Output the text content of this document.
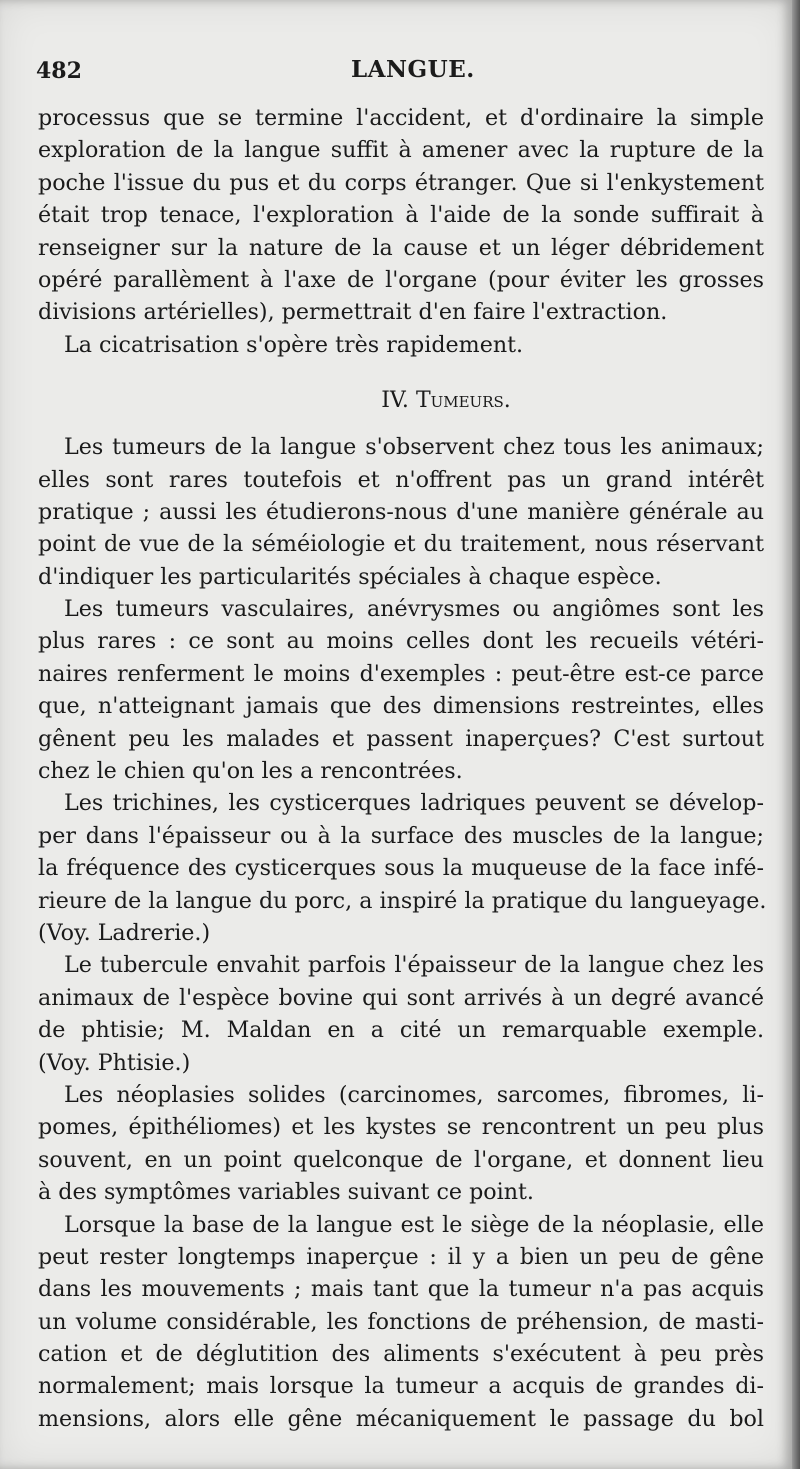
482	LANGUE.
processus que se termine l'accident, et d'ordinaire la simple
exploration de la langue suffit à amener avec la rupture de la
poche l'issue du pus et du corps étranger. Que si l'enkystement
était trop tenace, l'exploration à l'aide de la sonde suffirait à
renseigner sur la nature de la cause et un léger débridement
opéré parallèment à l'axe de l'organe (pour éviter les grosses
divisions artérielles), permettrait d'en faire l'extraction.
La cicatrisation s'opère très rapidement.
IV. Tumeurs.
Les tumeurs de la langue s'observent chez tous les animaux;
elles sont rares toutefois et n'offrent pas un grand intérêt
pratique ; aussi les étudierons-nous d'une manière générale au
point de vue de la séméiologie et du traitement, nous réservant
d'indiquer les particularités spéciales à chaque espèce.
Les tumeurs vasculaires, anévrysmes ou angiômes sont les
plus rares : ce sont au moins celles dont les recueils vétéri-
naires renferment le moins d'exemples : peut-être est-ce parce
que, n'atteignant jamais que des dimensions restreintes, elles
gênent peu les malades et passent inaperçues? C'est surtout
chez le chien qu'on les a rencontrées.
Les trichines, les cysticerques ladriques peuvent se dévelop-
per dans l'épaisseur ou à la surface des muscles de la langue;
la fréquence des cysticerques sous la muqueuse de la face infé-
rieure de la langue du porc, a inspiré la pratique du langueyage.
(Voy. Ladrerie.)
Le tubercule envahit parfois l'épaisseur de la langue chez les
animaux de l'espèce bovine qui sont arrivés à un degré avancé
de phtisie; M. Maldan en a cité un remarquable exemple.
(Voy. Phtisie.)
Les néoplasies solides (carcinomes, sarcomes, fibromes, li-
pomes, épithéliomes) et les kystes se rencontrent un peu plus
souvent, en un point quelconque de l'organe, et donnent lieu
à des symptômes variables suivant ce point.
Lorsque la base de la langue est le siège de la néoplasie, elle
peut rester longtemps inaperçue : il y a bien un peu de gêne
dans les mouvements ; mais tant que la tumeur n'a pas acquis
un volume considérable, les fonctions de préhension, de masti-
cation et de déglutition des aliments s'exécutent à peu près
normalement; mais lorsque la tumeur a acquis de grandes di-
mensions, alors elle gêne mécaniquement le passage du bol
